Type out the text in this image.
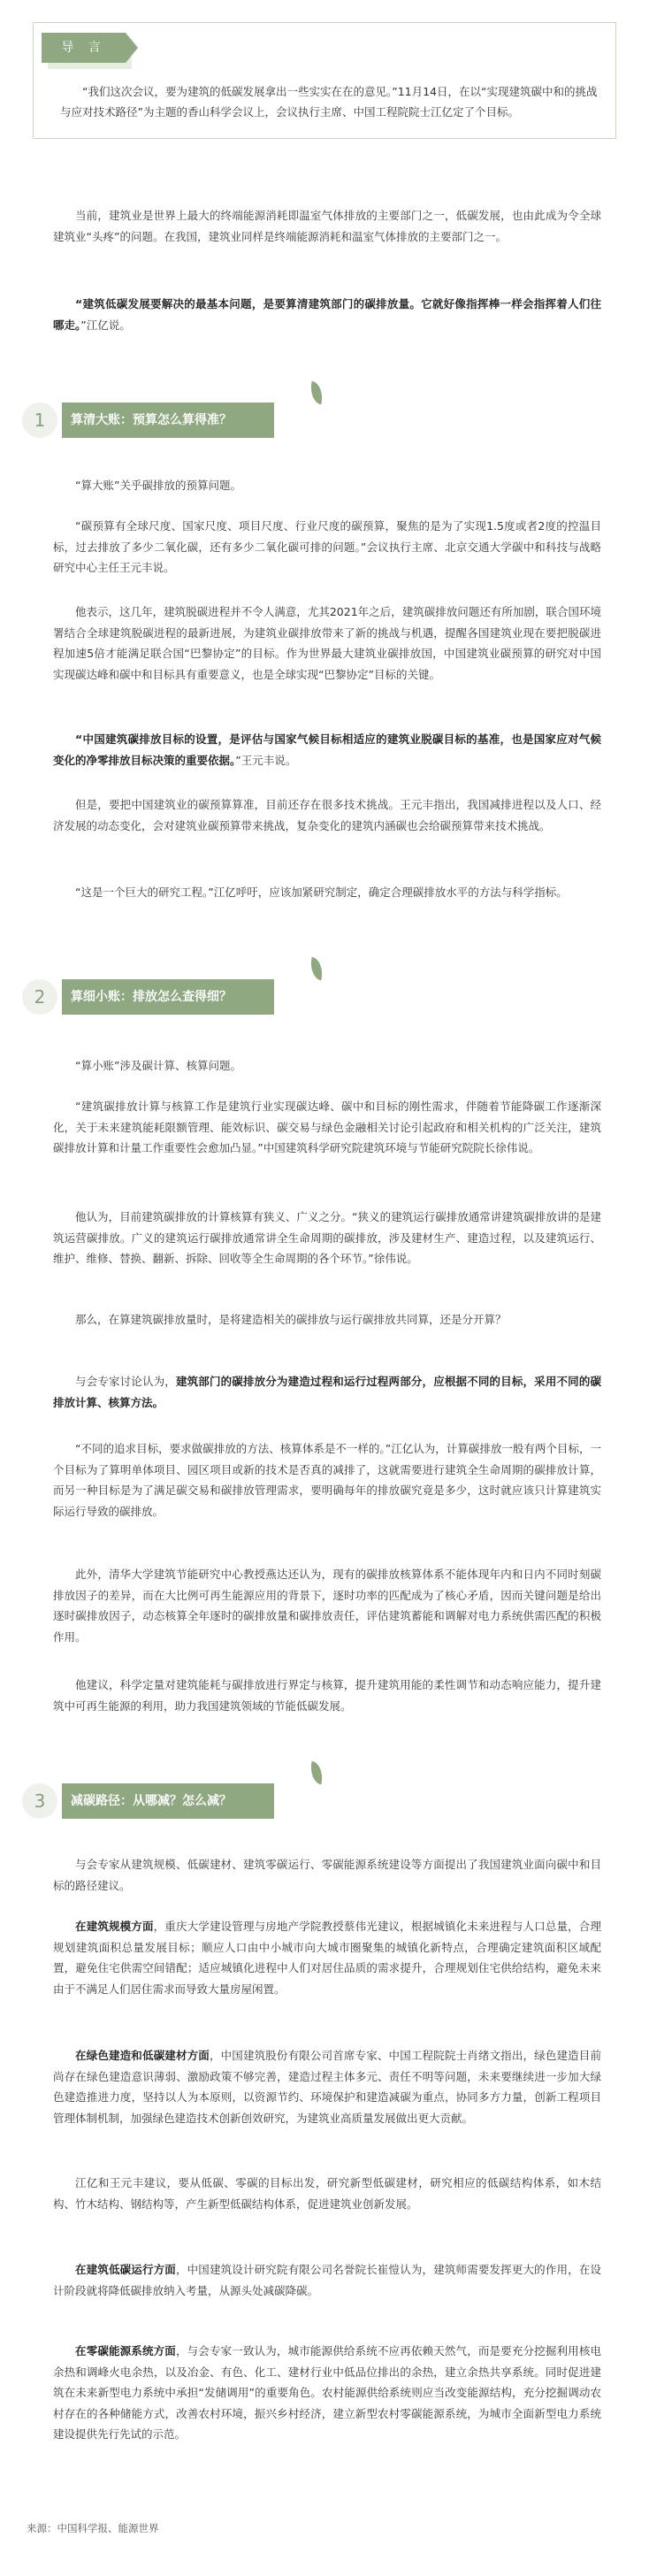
导 言

“我们这次会议，要为建筑的低碳发展拿出一些实实在在的意见。”11月14日，在以“实现建筑碳中和的挑战与应对技术路径”为主题的香山科学会议上，会议执行主席、中国工程院院士江亿定了个目标。

当前，建筑业是世界上最大的终端能源消耗即温室气体排放的主要部门之一，低碳发展，也由此成为令全球建筑业“头疼”的问题。在我国，建筑业同样是终端能源消耗和温室气体排放的主要部门之一。

“建筑低碳发展要解决的最基本问题，是要算清建筑部门的碳排放量。它就好像指挥棒一样会指挥着人们往哪走。”江亿说。

1	算清大账：预算怎么算得准？

“算大账”关乎碳排放的预算问题。

“碳预算有全球尺度、国家尺度、项目尺度、行业尺度的碳预算，聚焦的是为了实现1.5度或者2度的控温目标，过去排放了多少二氧化碳，还有多少二氧化碳可排的问题。”会议执行主席、北京交通大学碳中和科技与战略研究中心主任王元丰说。

他表示，这几年，建筑脱碳进程并不令人满意，尤其2021年之后，建筑碳排放问题还有所加剧，联合国环境署结合全球建筑脱碳进程的最新进展，为建筑业碳排放带来了新的挑战与机遇，提醒各国建筑业现在要把脱碳进程加速5倍才能满足联合国“巴黎协定”的目标。作为世界最大建筑业碳排放国，中国建筑业碳预算的研究对中国实现碳达峰和碳中和目标具有重要意义，也是全球实现“巴黎协定”目标的关键。

“中国建筑碳排放目标的设置，是评估与国家气候目标相适应的建筑业脱碳目标的基准，也是国家应对气候变化的净零排放目标决策的重要依据。”王元丰说。

但是，要把中国建筑业的碳预算算准，目前还存在很多技术挑战。王元丰指出，我国减排进程以及人口、经济发展的动态变化，会对建筑业碳预算带来挑战，复杂变化的建筑内涵碳也会给碳预算带来技术挑战。

“这是一个巨大的研究工程。”江亿呼吁，应该加紧研究制定，确定合理碳排放水平的方法与科学指标。

2	算细小账：排放怎么查得细？

“算小账”涉及碳计算、核算问题。

“建筑碳排放计算与核算工作是建筑行业实现碳达峰、碳中和目标的刚性需求，伴随着节能降碳工作逐渐深化，关于未来建筑能耗限额管理、能效标识、碳交易与绿色金融相关讨论引起政府和相关机构的广泛关注，建筑碳排放计算和计量工作重要性会愈加凸显。”中国建筑科学研究院建筑环境与节能研究院院长徐伟说。

他认为，目前建筑碳排放的计算核算有狭义、广义之分。“狭义的建筑运行碳排放通常讲建筑碳排放讲的是建筑运营碳排放。广义的建筑运行碳排放通常讲全生命周期的碳排放，涉及建材生产、建造过程，以及建筑运行、维护、维修、替换、翻新、拆除、回收等全生命周期的各个环节。”徐伟说。

那么，在算建筑碳排放量时，是将建造相关的碳排放与运行碳排放共同算，还是分开算？

与会专家讨论认为，建筑部门的碳排放分为建造过程和运行过程两部分，应根据不同的目标，采用不同的碳排放计算、核算方法。

“不同的追求目标，要求做碳排放的方法、核算体系是不一样的。”江亿认为，计算碳排放一般有两个目标，一个目标为了算明单体项目、园区项目或新的技术是否真的减排了，这就需要进行建筑全生命周期的碳排放计算，而另一种目标是为了满足碳交易和碳排放管理需求，要明确每年的排放碳究竟是多少，这时就应该只计算建筑实际运行导致的碳排放。

此外，清华大学建筑节能研究中心教授燕达还认为，现有的碳排放核算体系不能体现年内和日内不同时刻碳排放因子的差异，而在大比例可再生能源应用的背景下，逐时功率的匹配成为了核心矛盾，因而关键问题是给出逐时碳排放因子，动态核算全年逐时的碳排放量和碳排放责任，评估建筑蓄能和调解对电力系统供需匹配的积极作用。

他建议，科学定量对建筑能耗与碳排放进行界定与核算，提升建筑用能的柔性调节和动态响应能力，提升建筑中可再生能源的利用，助力我国建筑领域的节能低碳发展。

3	减碳路径：从哪减？怎么减？

与会专家从建筑规模、低碳建材、建筑零碳运行、零碳能源系统建设等方面提出了我国建筑业面向碳中和目标的路径建议。

在建筑规模方面，重庆大学建设管理与房地产学院教授蔡伟光建议，根据城镇化未来进程与人口总量，合理规划建筑面积总量发展目标；顺应人口由中小城市向大城市圈聚集的城镇化新特点，合理确定建筑面积区域配置，避免住宅供需空间错配；适应城镇化进程中人们对居住品质的需求提升，合理规划住宅供给结构，避免未来由于不满足人们居住需求而导致大量房屋闲置。

在绿色建造和低碳建材方面，中国建筑股份有限公司首席专家、中国工程院院士肖绪文指出，绿色建造目前尚存在绿色建造意识薄弱、激励政策不够完善，建造过程主体多元、责任不明等问题，未来要继续进一步加大绿色建造推进力度，坚持以人为本原则，以资源节约、环境保护和建造减碳为重点，协同多方力量，创新工程项目管理体制机制，加强绿色建造技术创新创效研究，为建筑业高质量发展做出更大贡献。

江亿和王元丰建议，要从低碳、零碳的目标出发，研究新型低碳建材，研究相应的低碳结构体系，如木结构、竹木结构、钢结构等，产生新型低碳结构体系，促进建筑业创新发展。

在建筑低碳运行方面，中国建筑设计研究院有限公司名誉院长崔愷认为，建筑师需要发挥更大的作用，在设计阶段就将降低碳排放纳入考量，从源头处减碳降碳。

在零碳能源系统方面，与会专家一致认为，城市能源供给系统不应再依赖天然气，而是要充分挖掘利用核电余热和调峰火电余热，以及冶金、有色、化工、建材行业中低品位排出的余热，建立余热共享系统。同时促进建筑在未来新型电力系统中承担“发储调用”的重要角色。农村能源供给系统则应当改变能源结构，充分挖掘调动农村存在的各种储能方式，改善农村环境，振兴乡村经济，建立新型农村零碳能源系统，为城市全面新型电力系统建设提供先行先试的示范。

来源：中国科学报、能源世界
